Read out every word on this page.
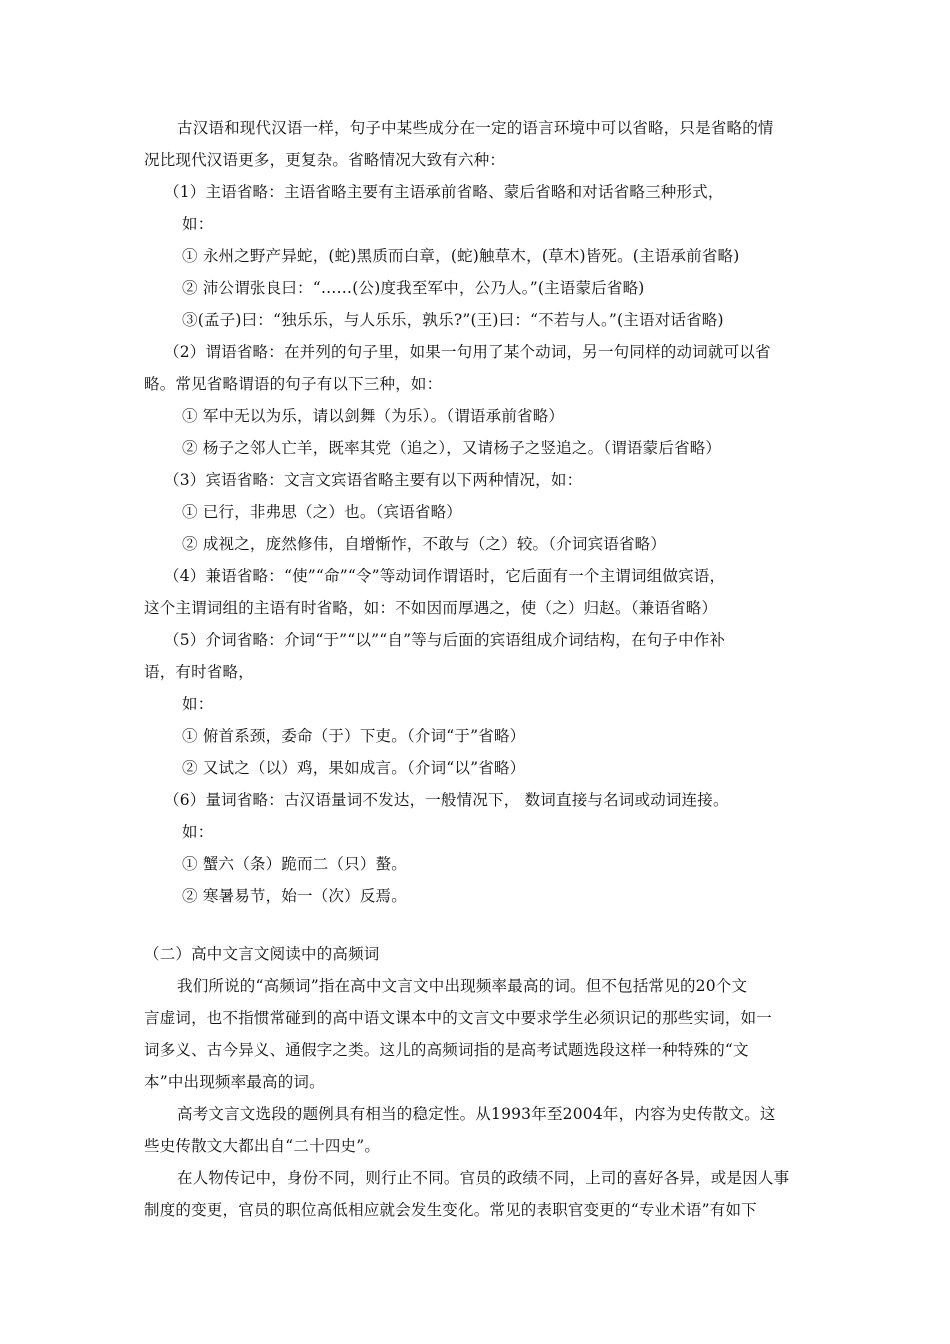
古汉语和现代汉语一样，句子中某些成分在一定的语言环境中可以省略，只是省略的情
况比现代汉语更多，更复杂。省略情况大致有六种：
（1）主语省略：主语省略主要有主语承前省略、蒙后省略和对话省略三种形式，
如：
① 永州之野产异蛇，(蛇)黑质而白章，(蛇)触草木，(草木)皆死。(主语承前省略)
② 沛公谓张良曰：“……(公)度我至军中，公乃人。”(主语蒙后省略)
③(孟子)曰：“独乐乐，与人乐乐，孰乐?”(王)曰：“不若与人。”(主语对话省略)
（2）谓语省略：在并列的句子里，如果一句用了某个动词，另一句同样的动词就可以省
略。常见省略谓语的句子有以下三种，如：
① 军中无以为乐，请以剑舞（为乐）。（谓语承前省略）
② 杨子之邻人亡羊，既率其党（追之），又请杨子之竖追之。（谓语蒙后省略）
（3）宾语省略：文言文宾语省略主要有以下两种情况，如：
① 已行，非弗思（之）也。（宾语省略）
② 成视之，庞然修伟，自增惭怍，不敢与（之）较。（介词宾语省略）
（4）兼语省略：“使”“命”“令”等动词作谓语时，它后面有一个主谓词组做宾语，
这个主谓词组的主语有时省略，如：不如因而厚遇之，使（之）归赵。（兼语省略）
（5）介词省略：介词“于”“以”“自”等与后面的宾语组成介词结构，在句子中作补
语，有时省略，
如：
① 俯首系颈，委命（于）下吏。（介词“于”省略）
② 又试之（以）鸡，果如成言。（介词“以”省略）
（6）量词省略：古汉语量词不发达，一般情况下， 数词直接与名词或动词连接。
如：
① 蟹六（条）跪而二（只）螯。
② 寒暑易节，始一（次）反焉。
（二）高中文言文阅读中的高频词
我们所说的“高频词”指在高中文言文中出现频率最高的词。但不包括常见的20个文
言虚词，也不指惯常碰到的高中语文课本中的文言文中要求学生必须识记的那些实词，如一
词多义、古今异义、通假字之类。这儿的高频词指的是高考试题选段这样一种特殊的“文
本”中出现频率最高的词。
高考文言文选段的题例具有相当的稳定性。从1993年至2004年，内容为史传散文。这
些史传散文大都出自“二十四史”。
在人物传记中，身份不同，则行止不同。官员的政绩不同，上司的喜好各异，或是因人事
制度的变更，官员的职位高低相应就会发生变化。常见的表职官变更的“专业术语”有如下
